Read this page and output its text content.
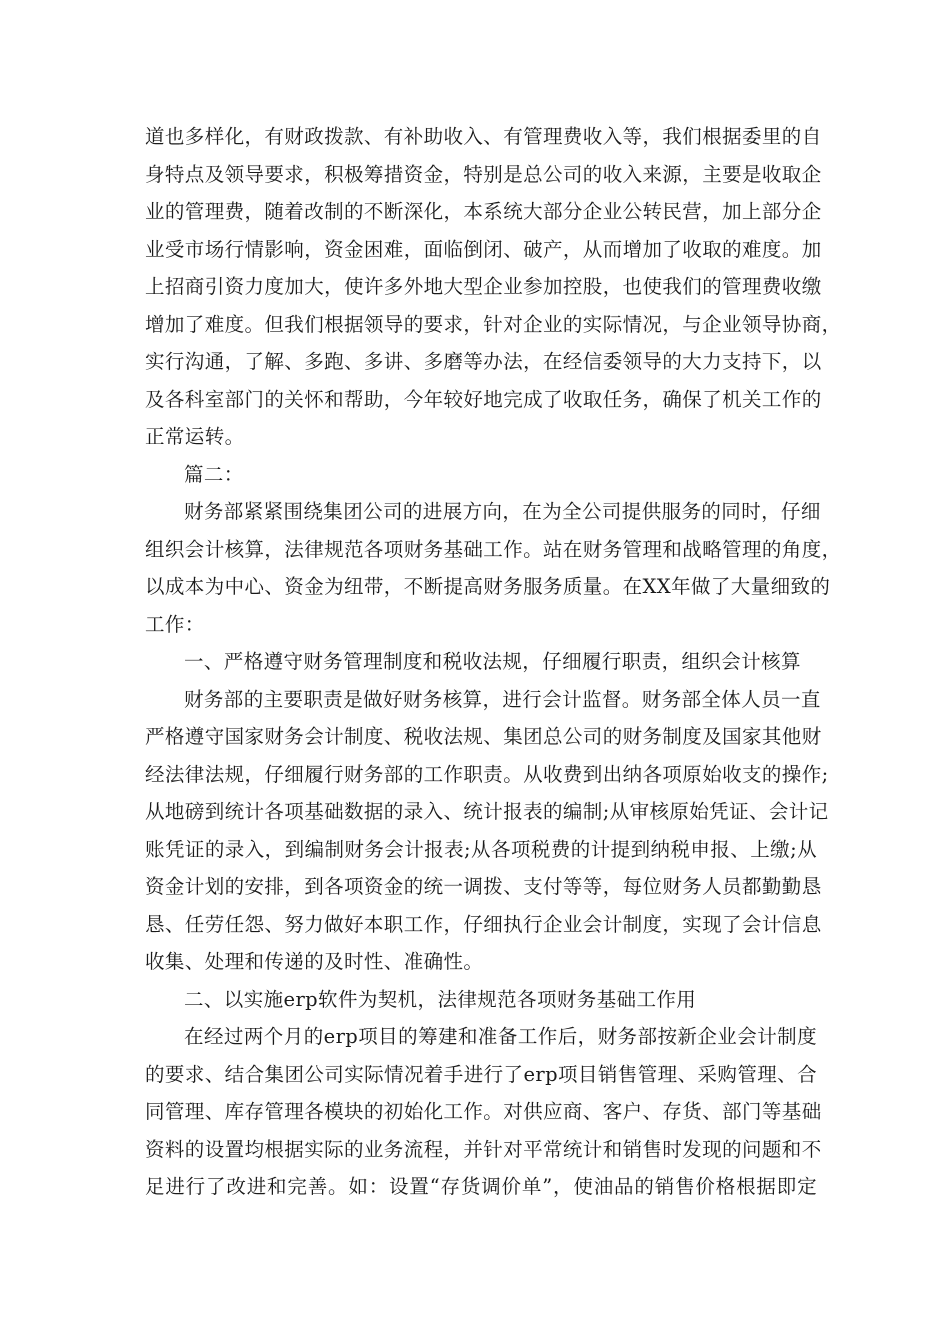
道也多样化，有财政拨款、有补助收入、有管理费收入等，我们根据委里的自
身特点及领导要求，积极筹措资金，特别是总公司的收入来源，主要是收取企
业的管理费，随着改制的不断深化，本系统大部分企业公转民营，加上部分企
业受市场行情影响，资金困难，面临倒闭、破产，从而增加了收取的难度。加
上招商引资力度加大，使许多外地大型企业参加控股，也使我们的管理费收缴
增加了难度。但我们根据领导的要求，针对企业的实际情况，与企业领导协商，
实行沟通，了解、多跑、多讲、多磨等办法，在经信委领导的大力支持下，以
及各科室部门的关怀和帮助，今年较好地完成了收取任务，确保了机关工作的
正常运转。

篇二：

财务部紧紧围绕集团公司的进展方向，在为全公司提供服务的同时，仔细
组织会计核算，法律规范各项财务基础工作。站在财务管理和战略管理的角度，
以成本为中心、资金为纽带，不断提高财务服务质量。在XX年做了大量细致的
工作：

一、严格遵守财务管理制度和税收法规，仔细履行职责，组织会计核算

财务部的主要职责是做好财务核算，进行会计监督。财务部全体人员一直
严格遵守国家财务会计制度、税收法规、集团总公司的财务制度及国家其他财
经法律法规，仔细履行财务部的工作职责。从收费到出纳各项原始收支的操作;
从地磅到统计各项基础数据的录入、统计报表的编制;从审核原始凭证、会计记
账凭证的录入，到编制财务会计报表;从各项税费的计提到纳税申报、上缴;从
资金计划的安排，到各项资金的统一调拨、支付等等，每位财务人员都勤勤恳
恳、任劳任怨、努力做好本职工作，仔细执行企业会计制度，实现了会计信息
收集、处理和传递的及时性、准确性。

二、以实施erp软件为契机，法律规范各项财务基础工作用

在经过两个月的erp项目的筹建和准备工作后，财务部按新企业会计制度
的要求、结合集团公司实际情况着手进行了erp项目销售管理、采购管理、合
同管理、库存管理各模块的初始化工作。对供应商、客户、存货、部门等基础
资料的设置均根据实际的业务流程，并针对平常统计和销售时发现的问题和不
足进行了改进和完善。如：设置“存货调价单”，使油品的销售价格根据即定
